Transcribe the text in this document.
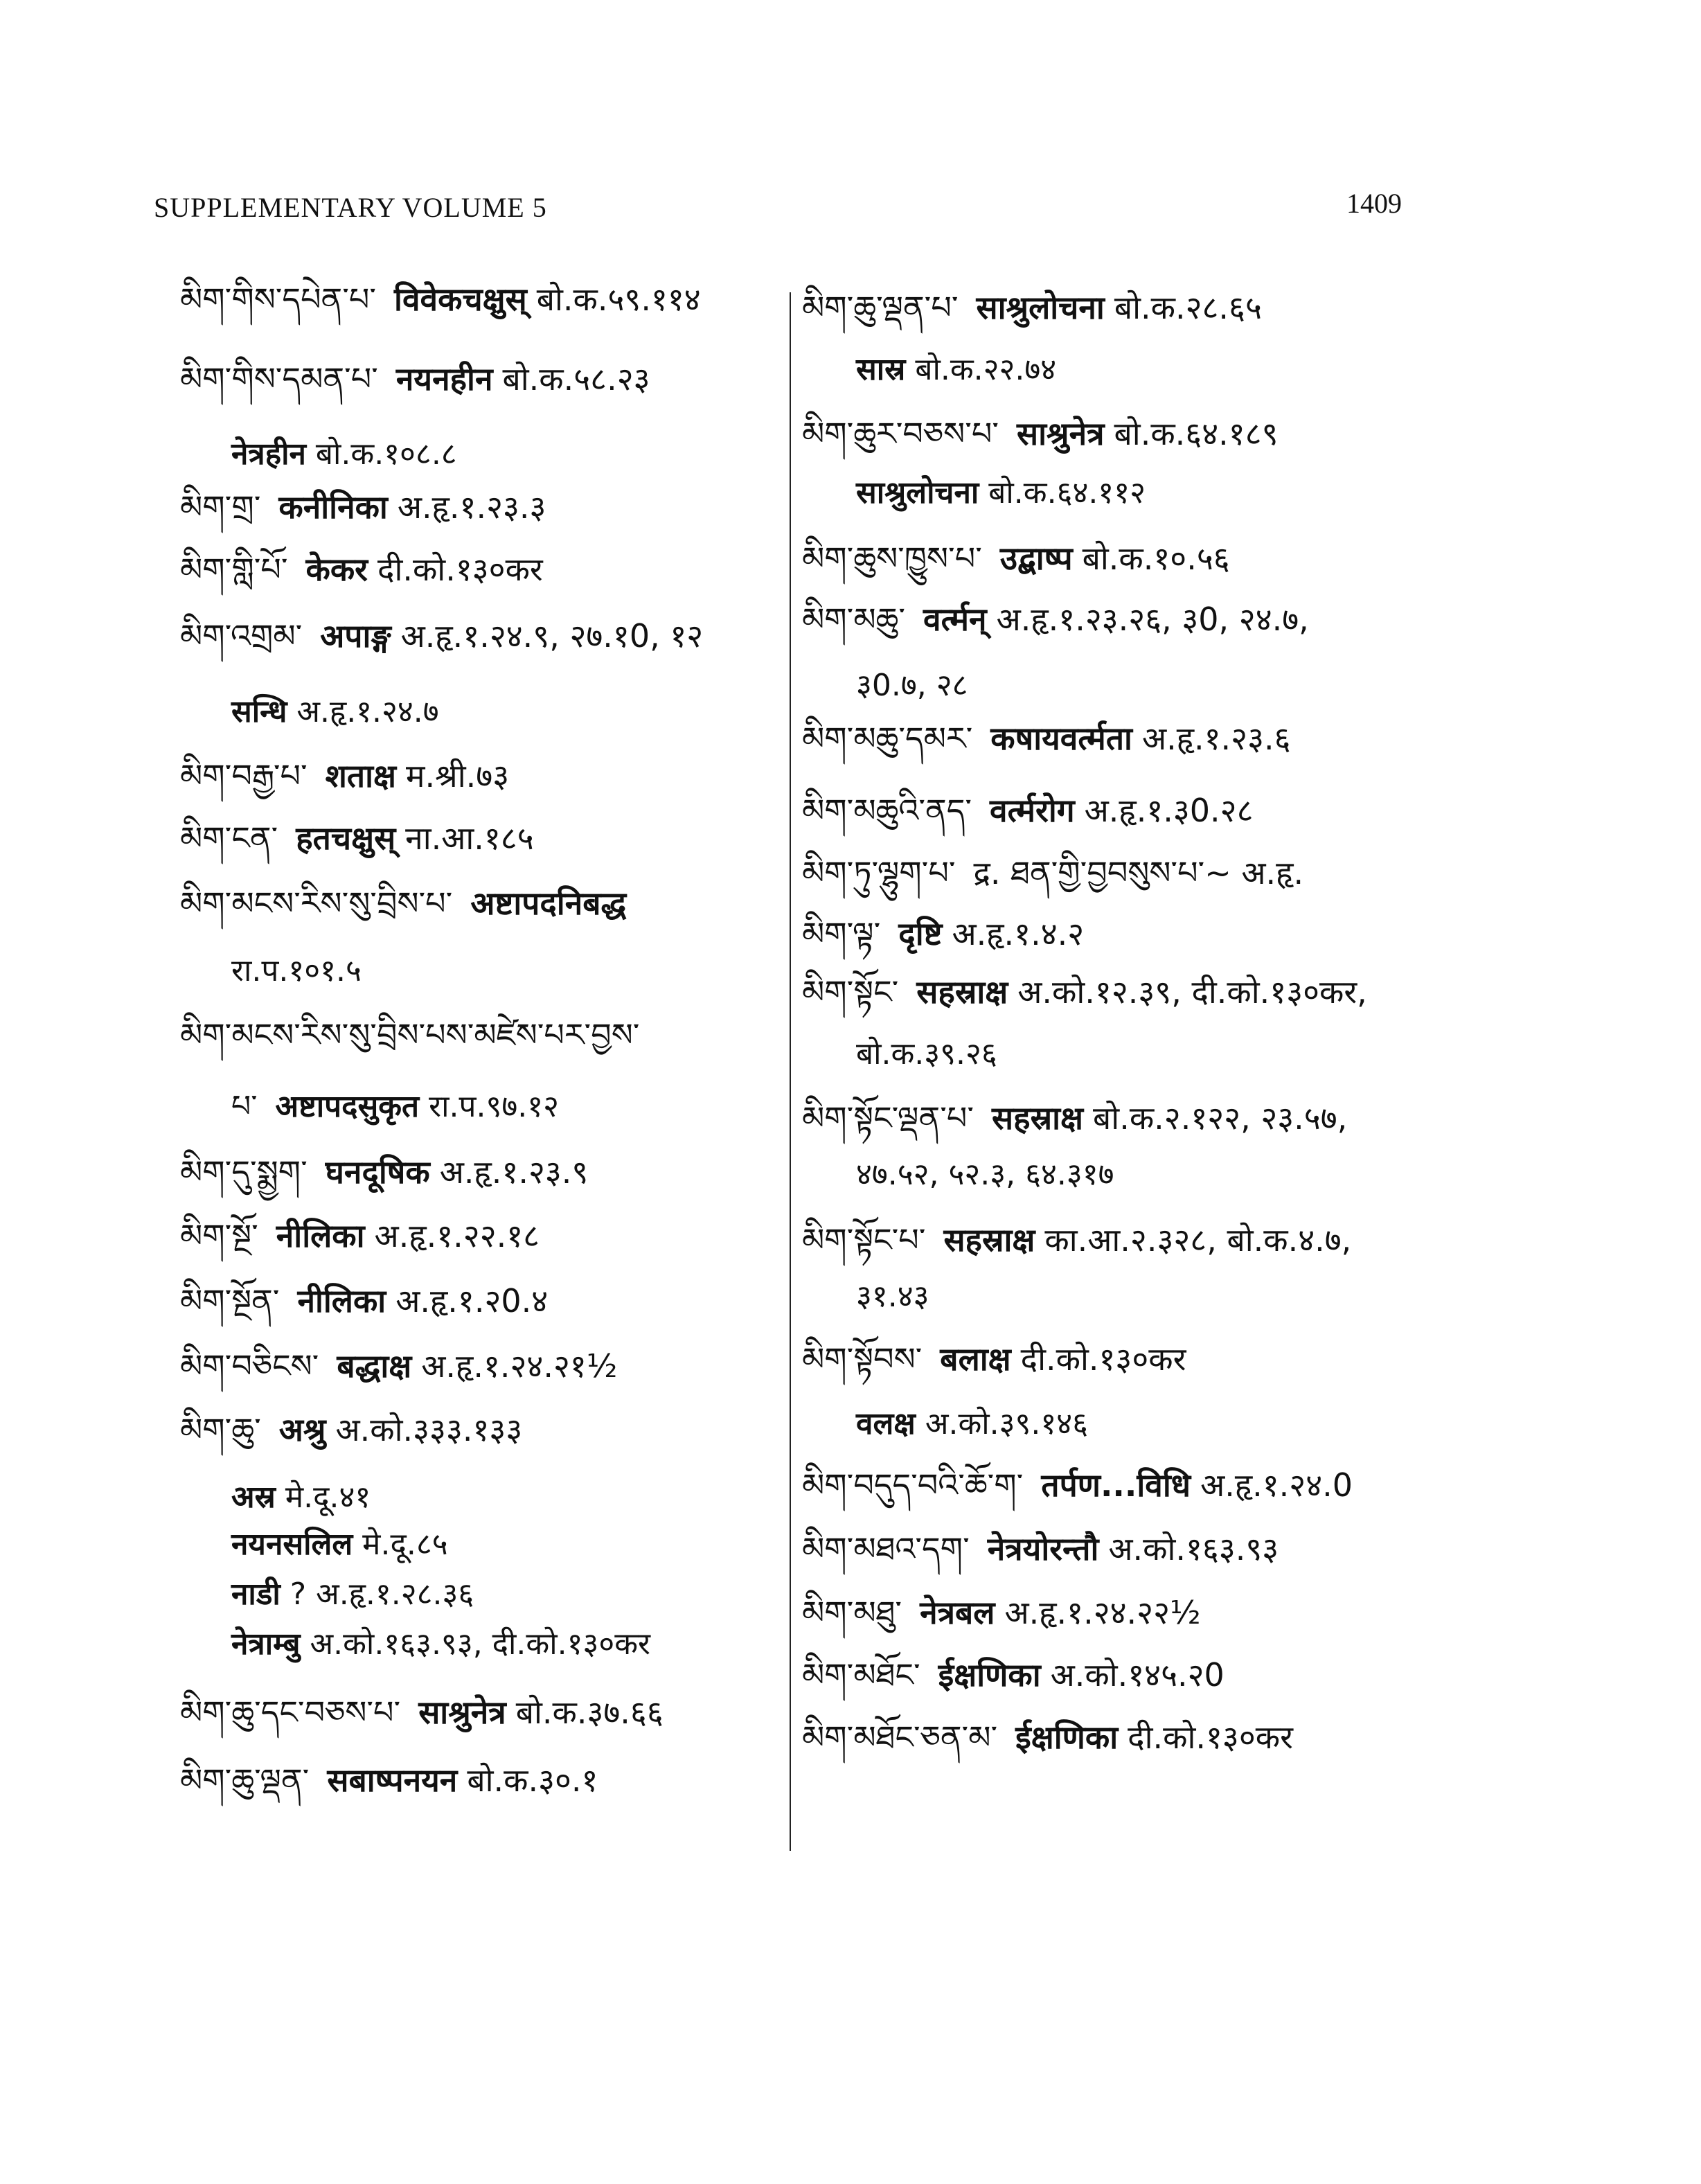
SUPPLEMENTARY VOLUME 5	1409
མིག་གིས་དཔེན་པ་ विवेकचक्षुस् बो.क.५९.११४
མིག་གིས་དམན་པ་ नयनहीन बो.क.५८.२३
नेत्रहीन बो.क.१०८.८
མིག་གྲ་ कनीनिका अ.हृ.१.२३.३
མིག་གླི་པོ་ केकर दी.को.१३०कर
མིག་འགྲམ་ अपाङ्ग अ.हृ.१.२४.९, २७.१0, १२
सन्धि अ.हृ.१.२४.७
མིག་བརྒྱ་པ་ शताक्ष म.श्री.७३
མིག་ངན་ हतचक्षुस् ना.आ.१८५
མིག་མངས་རིས་སུ་བྲིས་པ་ अष्टापदनिबद्ध
रा.प.१०१.५
མིག་མངས་རིས་སུ་བྲིས་པས་མཛེས་པར་བྱས་
པ་ अष्टापदसुकृत रा.प.९७.१२
མིག་དུ་སྨྱག་ घनदूषिक अ.हृ.१.२३.९
མིག་སྔོ་ नीलिका अ.हृ.१.२२.१८
མིག་སྔོན་ नीलिका अ.हृ.१.२0.४
མིག་བཅིངས་ बद्धाक्ष अ.हृ.१.२४.२१½
མིག་ཆུ་ अश्रु अ.को.३३३.१३३
अस्र मे.दू.४१
नयनसलिल मे.दू.८५
नाडी ? अ.हृ.१.२८.३६
नेत्राम्बु अ.को.१६३.९३, दी.को.१३०कर
མིག་ཆུ་དང་བཅས་པ་ साश्रुनेत्र बो.क.३७.६६
མིག་ཆུ་ལྡན་ सबाष्पनयन बो.क.३०.१
མིག་ཆུ་ལྡན་པ་ साश्रुलोचना बो.क.२८.६५
सास्र बो.क.२२.७४
མིག་ཆུར་བཅས་པ་ साश्रुनेत्र बो.क.६४.१८९
साश्रुलोचना बो.क.६४.११२
མིག་ཆུས་ཁྱུས་པ་ उद्बाष्प बो.क.१०.५६
མིག་མཆུ་ वर्त्मन् अ.हृ.१.२३.२६, ३0, २४.७,
३0.७, २८
མིག་མཆུ་དམར་ कषायवर्त्मता अ.हृ.१.२३.६
མིག་མཆུའི་ནད་ वर्त्मरोग अ.हृ.१.३0.२८
མིག་ཏུ་ལྷུག་པ་ द्र. ཐན་གྱི་བྱབསུས་པ་~ अ.हृ.
མིག་ལྟ་ दृष्टि अ.हृ.१.४.२
མིག་སྟོང་ सहस्राक्ष अ.को.१२.३९, दी.को.१३०कर,
बो.क.३९.२६
མིག་སྟོང་ལྡན་པ་ सहस्राक्ष बो.क.२.१२२, २३.५७,
४७.५२, ५२.३, ६४.३१७
མིག་སྟོང་པ་ सहस्राक्ष का.आ.२.३२८, बो.क.४.७,
३१.४३
མིག་སྟོབས་ बलाक्ष दी.को.१३०कर
वलक्ष अ.को.३९.१४६
མིག་བདུད་བའི་ཆོ་ག་ तर्पण...विधि अ.हृ.१.२४.0
མིག་མཐའ་དག་ नेत्रयोरन्तौ अ.को.१६३.९३
མིག་མཐུ་ नेत्रबल अ.हृ.१.२४.२२½
མིག་མཐོང་ ईक्षणिका अ.को.१४५.२0
མིག་མཐོང་ཅན་མ་ ईक्षणिका दी.को.१३०कर
